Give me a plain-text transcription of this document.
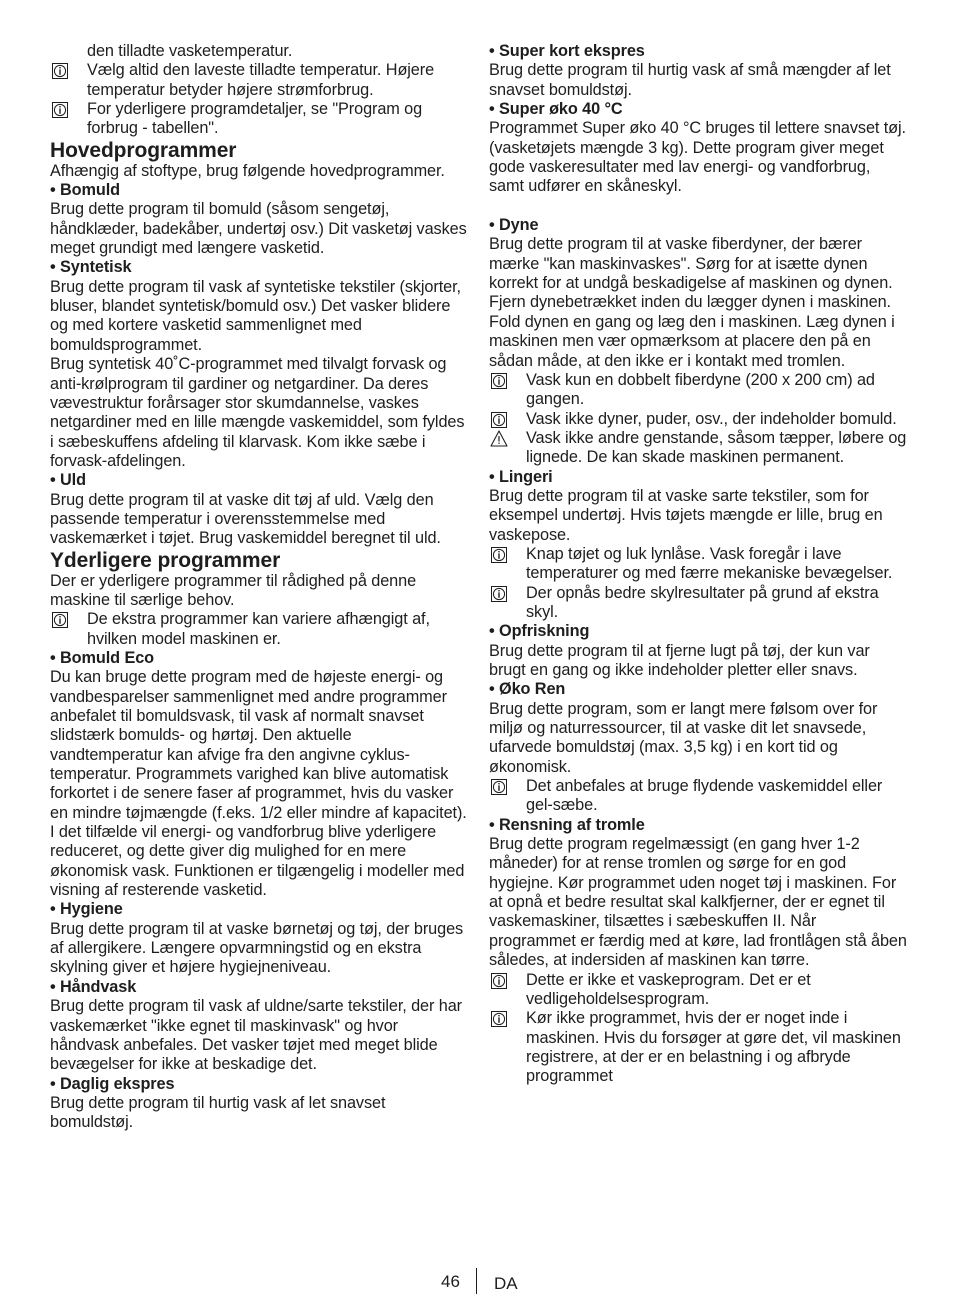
den tilladte vasketemperatur.
Vælg altid den laveste tilladte temperatur. Højere temperatur betyder højere strømforbrug.
For yderligere programdetaljer, se "Program og forbrug - tabellen".
Hovedprogrammer

Afhængig af stoftype, brug følgende hovedprogrammer.

• Bomuld

Brug dette program til bomuld (såsom sengetøj, håndklæder, badekåber, undertøj osv.) Dit vasketøj vaskes meget grundigt med længere vasketid.

• Syntetisk

Brug dette program til vask af syntetiske tekstiler (skjorter, bluser, blandet syntetisk/bomuld osv.) Det vasker blidere og med kortere vasketid sammenlignet med bomuldsprogrammet.

Brug syntetisk 40˚C-programmet med tilvalgt forvask og anti-krølprogram til gardiner og netgardiner. Da deres vævestruktur forårsager stor skumdannelse, vaskes netgardiner med en lille mængde vaskemiddel, som fyldes i sæbeskuffens afdeling til klarvask. Kom ikke sæbe i forvask-afdelingen.

• Uld

Brug dette program til at vaske dit tøj af uld. Vælg den passende temperatur i overensstemmelse med vaskemærket i tøjet. Brug vaskemiddel beregnet til uld.

Yderligere programmer

Der er yderligere programmer til rådighed på denne maskine til særlige behov.

De ekstra programmer kan variere afhængigt af, hvilken model maskinen er.

• Bomuld Eco

Du kan bruge dette program med de højeste energi- og vandbesparelser sammenlignet med andre programmer anbefalet til bomuldsvask, til vask af normalt snavset slidstærk bomulds- og hørtøj. Den aktuelle vandtemperatur kan afvige fra den angivne cyklus-temperatur. Programmets varighed kan blive automatisk forkortet i de senere faser af programmet, hvis du vasker en mindre tøjmængde (f.eks. 1/2 eller mindre af kapacitet). I det tilfælde vil energi- og vandforbrug blive yderligere reduceret, og dette giver dig mulighed for en mere økonomisk vask. Funktionen er tilgængelig i modeller med visning af resterende vasketid.

• Hygiene

Brug dette program til at vaske børnetøj og tøj, der bruges af allergikere. Længere opvarmningstid og en ekstra skylning giver et højere hygiejneniveau.

• Håndvask

Brug dette program til vask af uldne/sarte tekstiler, der har vaskemærket "ikke egnet til maskinvask" og hvor håndvask anbefales. Det vasker tøjet med meget blide bevægelser for ikke at beskadige det.

• Daglig ekspres

Brug dette program til hurtig vask af let snavset bomuldstøj.

• Super kort ekspres

Brug dette program til hurtig vask af små mængder af let snavset bomuldstøj.

• Super øko 40 °C

Programmet Super øko 40 °C bruges til lettere snavset tøj. (vasketøjets mængde 3 kg). Dette program giver meget gode vaskeresultater med lav energi- og vandforbrug, samt udfører en skåneskyl.

• Dyne

Brug dette program til at vaske fiberdyner, der bærer mærke "kan maskinvaskes". Sørg for at isætte dynen korrekt for at undgå beskadigelse af maskinen og dynen. Fjern dynebetrækket inden du lægger dynen i maskinen. Fold dynen en gang og læg den i maskinen. Læg dynen i maskinen men vær opmærksom at placere den på en sådan måde, at den ikke er i kontakt med tromlen.

Vask kun en dobbelt fiberdyne (200 x 200 cm) ad gangen.
Vask ikke dyner, puder, osv., der indeholder bomuld.
Vask ikke andre genstande, såsom tæpper, løbere og lignede. De kan skade maskinen permanent.

• Lingeri

Brug dette program til at vaske sarte tekstiler, som for eksempel undertøj. Hvis tøjets mængde er lille, brug en vaskepose.

Knap tøjet og luk lynlåse. Vask foregår i lave temperaturer og med færre mekaniske bevægelser.
Der opnås bedre skylresultater på grund af ekstra skyl.

• Opfriskning

Brug dette program til at fjerne lugt på tøj, der kun var brugt en gang og ikke indeholder pletter eller snavs.

• Øko Ren

Brug dette program, som er langt mere følsom over for miljø og naturressourcer, til at vaske dit let snavsede, ufarvede bomuldstøj (max. 3,5 kg) i en kort tid og økonomisk.

Det anbefales at bruge flydende vaskemiddel eller gel-sæbe.

• Rensning af tromle

Brug dette program regelmæssigt (en gang hver 1-2 måneder) for at rense tromlen og sørge for en god hygiejne. Kør programmet uden noget tøj i maskinen. For at opnå et bedre resultat skal kalkfjerner, der er egnet til vaskemaskiner, tilsættes i sæbeskuffen II. Når programmet er færdig med at køre, lad frontlågen stå åben således, at indersiden af maskinen kan tørre.

Dette er ikke et vaskeprogram. Det er et vedligeholdelsesprogram.
Kør ikke programmet, hvis der er noget inde i maskinen. Hvis du forsøger at gøre det, vil maskinen registrere, at der er en belastning i og afbryde programmet
46 DA
